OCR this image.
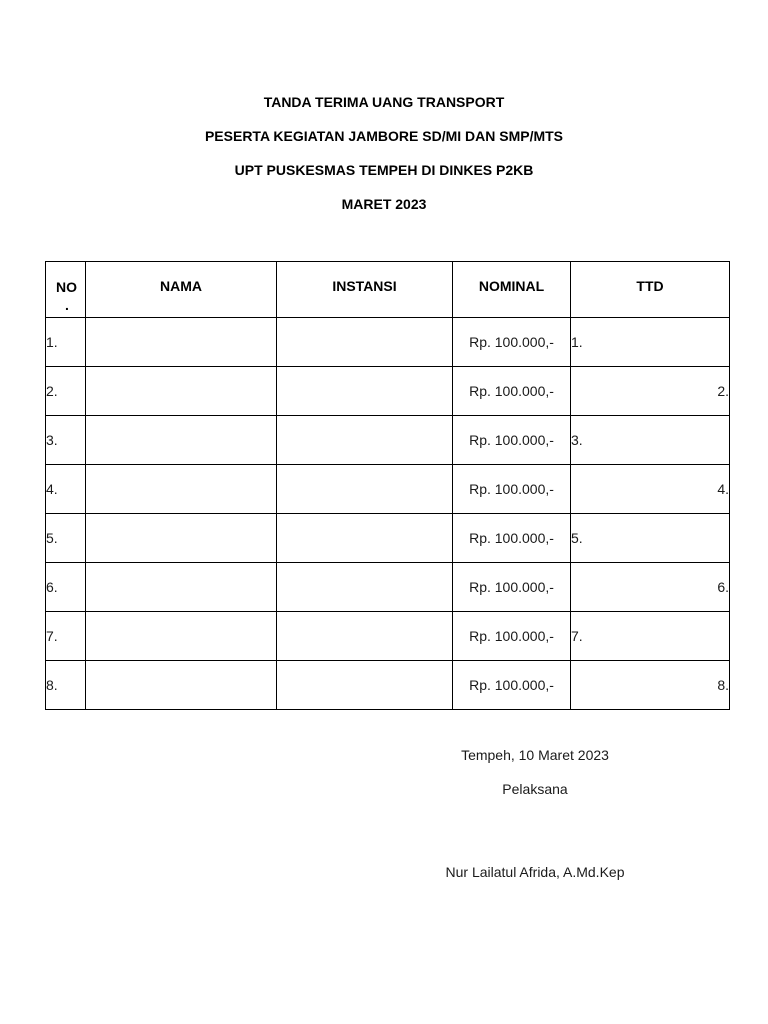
TANDA TERIMA UANG TRANSPORT
PESERTA KEGIATAN JAMBORE SD/MI DAN SMP/MTS
UPT PUSKESMAS TEMPEH DI DINKES P2KB
MARET 2023
NO
.	NAMA	INSTANSI	NOMINAL	TTD
1.			Rp. 100.000,-	1.
2.			Rp. 100.000,-	2.
3.			Rp. 100.000,-	3.
4.			Rp. 100.000,-	4.
5.			Rp. 100.000,-	5.
6.			Rp. 100.000,-	6.
7.			Rp. 100.000,-	7.
8.			Rp. 100.000,-	8.
Tempeh, 10 Maret 2023
Pelaksana
Nur Lailatul Afrida, A.Md.Kep
